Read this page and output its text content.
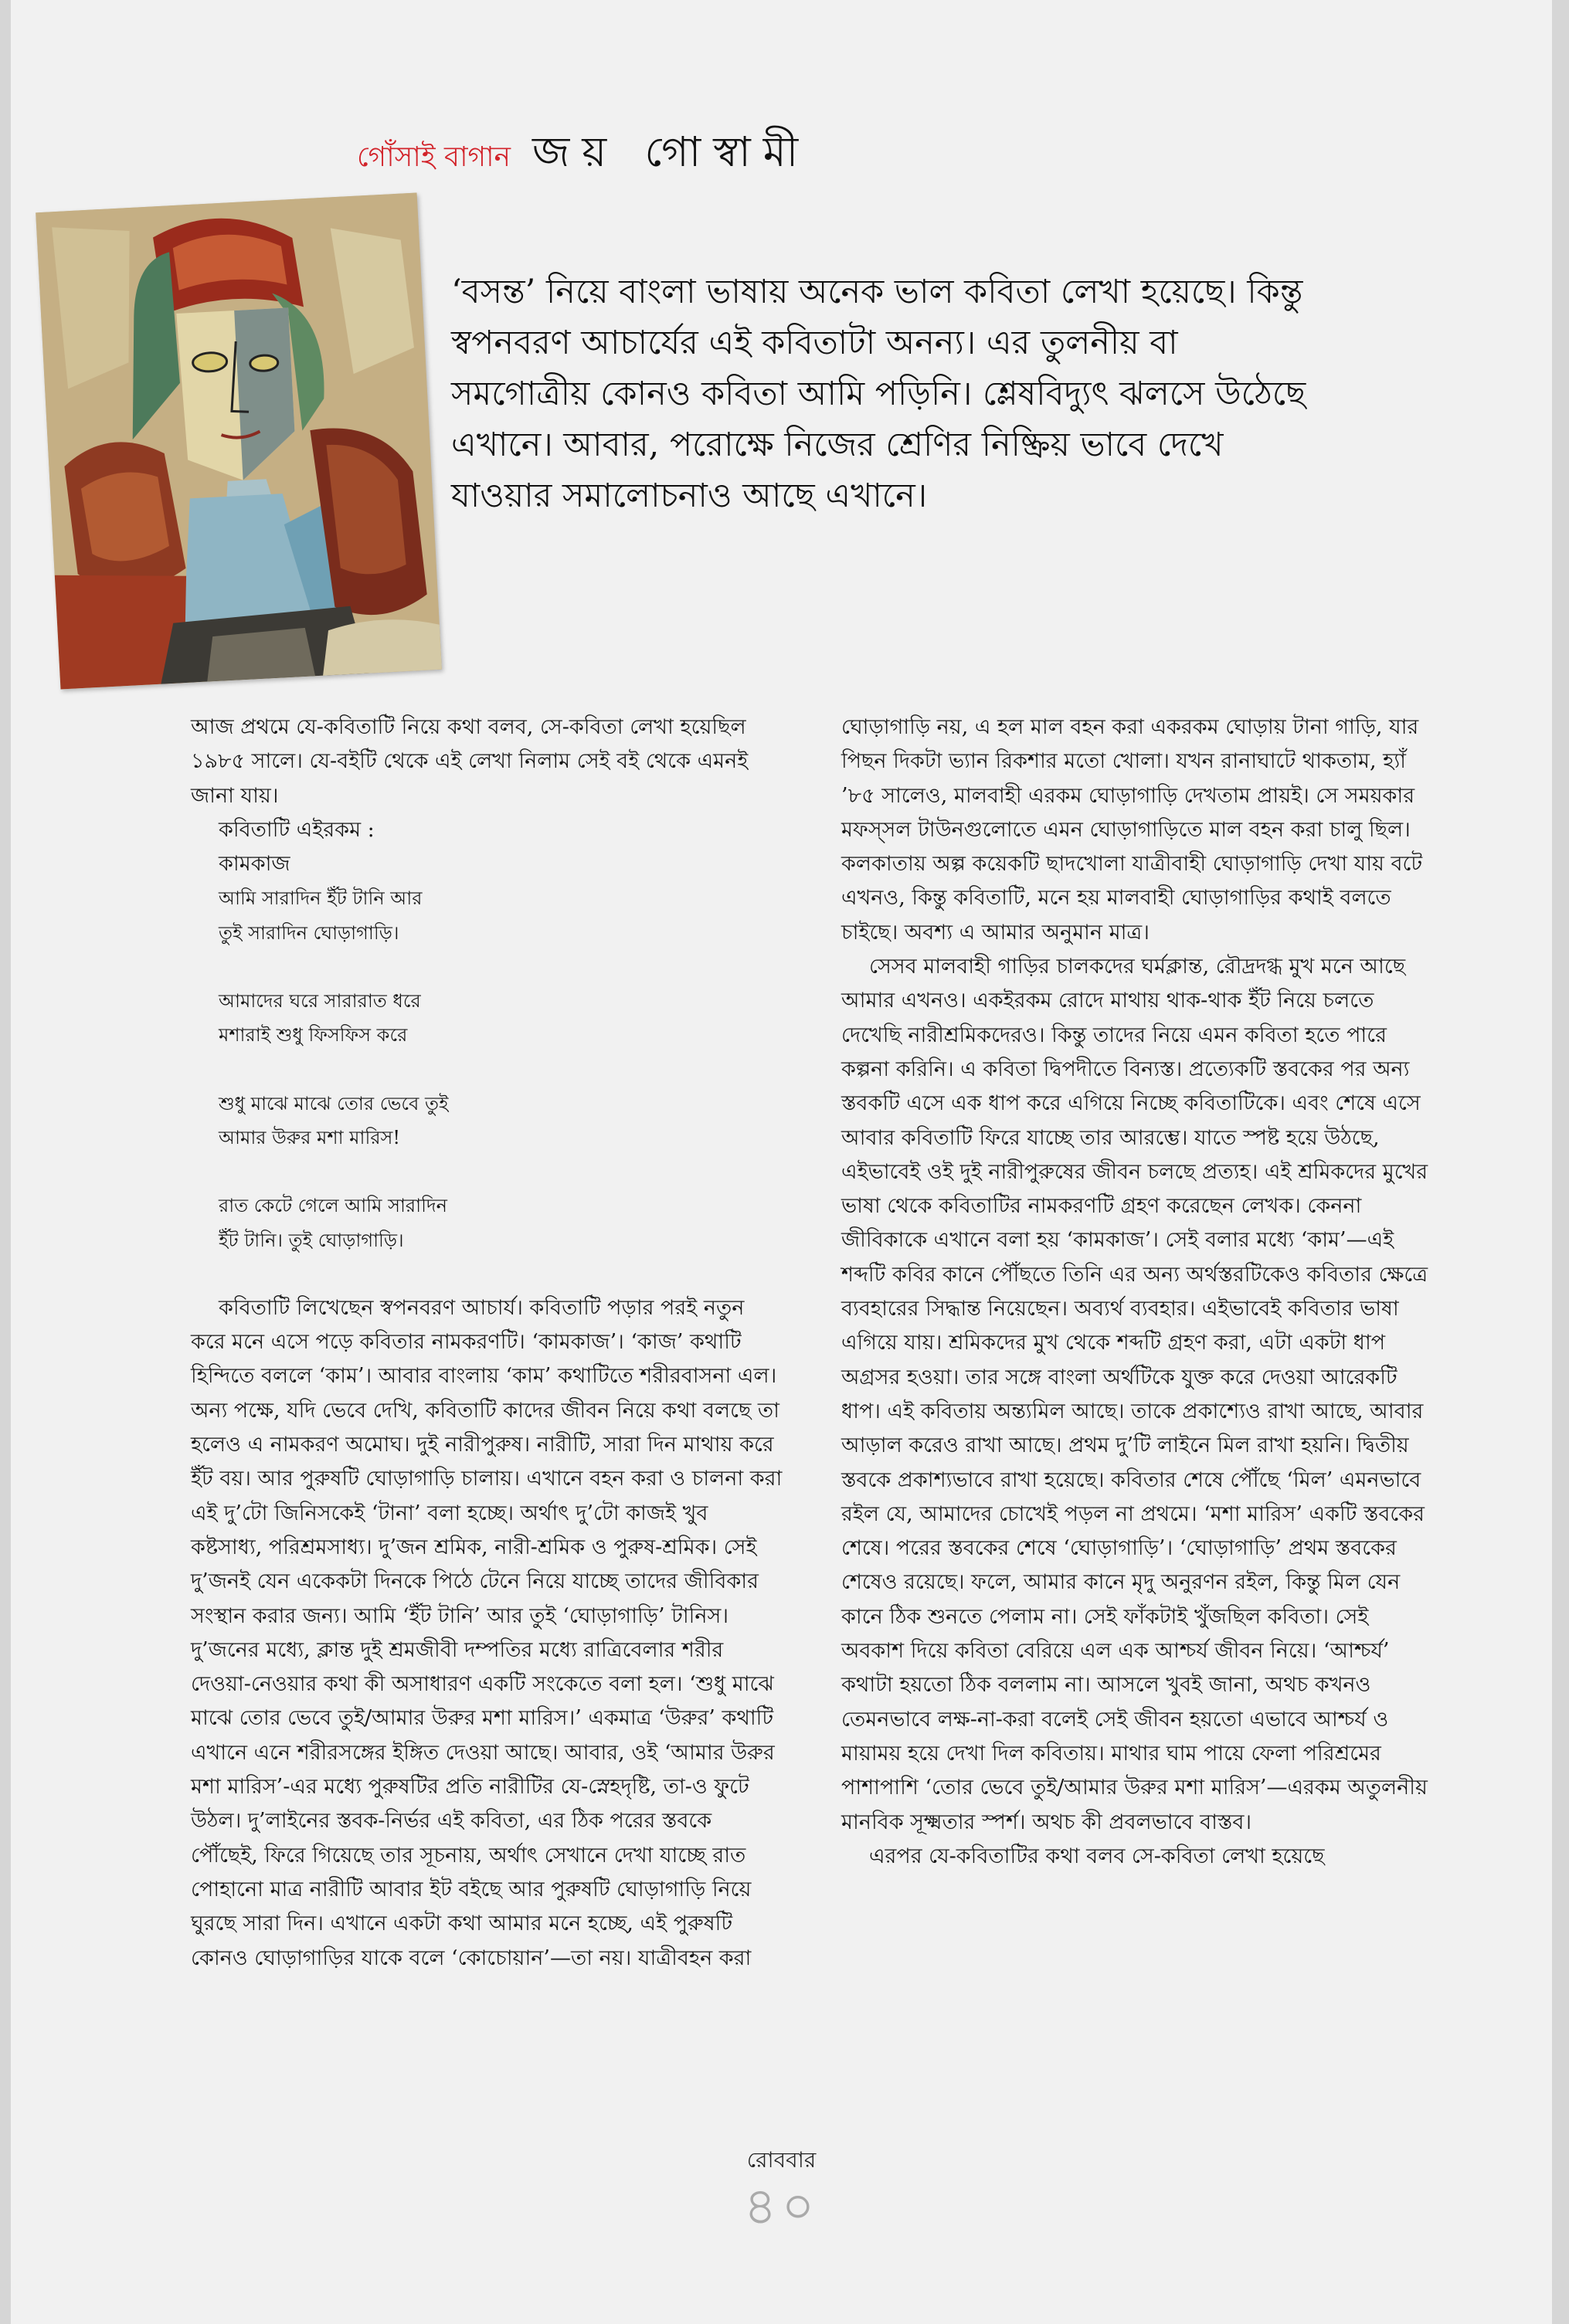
গোঁসাই বাগান জয় গোস্বামী

‘বসন্ত’ নিয়ে বাংলা ভাষায় অনেক ভাল কবিতা লেখা হয়েছে। কিন্তু স্বপনবরণ আচার্যের এই কবিতাটা অনন্য। এর তুলনীয় বা সমগোত্রীয় কোনও কবিতা আমি পড়িনি। শ্লেষবিদ্যুৎ ঝলসে উঠেছে এখানে। আবার, পরোক্ষে নিজের শ্রেণির নিষ্ক্রিয় ভাবে দেখে যাওয়ার সমালোচনাও আছে এখানে।

আজ প্রথমে যে-কবিতাটি নিয়ে কথা বলব, সে-কবিতা লেখা হয়েছিল ১৯৮৫ সালে। যে-বইটি থেকে এই লেখা নিলাম সেই বই থেকে এমনই জানা যায়।

কবিতাটি এইরকম :
কামকাজ
আমি সারাদিন ইঁট টানি আর
তুই সারাদিন ঘোড়াগাড়ি।
আমাদের ঘরে সারারাত ধরে
মশারাই শুধু ফিসফিস করে
শুধু মাঝে মাঝে তোর ভেবে তুই
আমার উরুর মশা মারিস!
রাত কেটে গেলে আমি সারাদিন
ইঁট টানি। তুই ঘোড়াগাড়ি।

কবিতাটি লিখেছেন স্বপনবরণ আচার্য। কবিতাটি পড়ার পরই নতুন করে মনে এসে পড়ে কবিতার নামকরণটি। ‘কামকাজ’। ‘কাজ’ কথাটি হিন্দিতে বললে ‘কাম’। আবার বাংলায় ‘কাম’ কথাটিতে শরীরবাসনা এল। অন্য পক্ষে, যদি ভেবে দেখি, কবিতাটি কাদের জীবন নিয়ে কথা বলছে তা হলেও এ নামকরণ অমোঘ। দুই নারীপুরুষ। নারীটি, সারা দিন মাথায় করে ইঁট বয়। আর পুরুষটি ঘোড়াগাড়ি চালায়। এখানে বহন করা ও চালনা করা এই দু’টো জিনিসকেই ‘টানা’ বলা হচ্ছে। অর্থাৎ দু’টো কাজই খুব কষ্টসাধ্য, পরিশ্রমসাধ্য। দু’জন শ্রমিক, নারী-শ্রমিক ও পুরুষ-শ্রমিক। সেই দু’জনই যেন একেকটা দিনকে পিঠে টেনে নিয়ে যাচ্ছে তাদের জীবিকার সংস্থান করার জন্য। আমি ‘ইঁট টানি’ আর তুই ‘ঘোড়াগাড়ি’ টানিস। দু’জনের মধ্যে, ক্লান্ত দুই শ্রমজীবী দম্পতির মধ্যে রাত্রিবেলার শরীর দেওয়া-নেওয়ার কথা কী অসাধারণ একটি সংকেতে বলা হল। ‘শুধু মাঝে মাঝে তোর ভেবে তুই/আমার উরুর মশা মারিস।’ একমাত্র ‘উরুর’ কথাটি এখানে এনে শরীরসঙ্গের ইঙ্গিত দেওয়া আছে। আবার, ওই ‘আমার উরুর মশা মারিস’-এর মধ্যে পুরুষটির প্রতি নারীটির যে-স্নেহদৃষ্টি, তা-ও ফুটে উঠল। দু’লাইনের স্তবক-নির্ভর এই কবিতা, এর ঠিক পরের স্তবকে পৌঁছেই, ফিরে গিয়েছে তার সূচনায়, অর্থাৎ সেখানে দেখা যাচ্ছে রাত পোহানো মাত্র নারীটি আবার ইট বইছে আর পুরুষটি ঘোড়াগাড়ি নিয়ে ঘুরছে সারা দিন। এখানে একটা কথা আমার মনে হচ্ছে, এই পুরুষটি কোনও ঘোড়াগাড়ির যাকে বলে ‘কোচোয়ান’—তা নয়। যাত্রীবহন করা

ঘোড়াগাড়ি নয়, এ হল মাল বহন করা একরকম ঘোড়ায় টানা গাড়ি, যার পিছন দিকটা ভ্যান রিকশার মতো খোলা। যখন রানাঘাটে থাকতাম, হ্যাঁ ’৮৫ সালেও, মালবাহী এরকম ঘোড়াগাড়ি দেখতাম প্রায়ই। সে সময়কার মফস্‌সল টাউনগুলোতে এমন ঘোড়াগাড়িতে মাল বহন করা চালু ছিল। কলকাতায় অল্প কয়েকটি ছাদখোলা যাত্রীবাহী ঘোড়াগাড়ি দেখা যায় বটে এখনও, কিন্তু কবিতাটি, মনে হয় মালবাহী ঘোড়াগাড়ির কথাই বলতে চাইছে। অবশ্য এ আমার অনুমান মাত্র।

সেসব মালবাহী গাড়ির চালকদের ঘর্মক্লান্ত, রৌদ্রদগ্ধ মুখ মনে আছে আমার এখনও। একইরকম রোদে মাথায় থাক-থাক ইঁট নিয়ে চলতে দেখেছি নারীশ্রমিকদেরও। কিন্তু তাদের নিয়ে এমন কবিতা হতে পারে কল্পনা করিনি। এ কবিতা দ্বিপদীতে বিন্যস্ত। প্রত্যেকটি স্তবকের পর অন্য স্তবকটি এসে এক ধাপ করে এগিয়ে নিচ্ছে কবিতাটিকে। এবং শেষে এসে আবার কবিতাটি ফিরে যাচ্ছে তার আরম্ভে। যাতে স্পষ্ট হয়ে উঠছে, এইভাবেই ওই দুই নারীপুরুষের জীবন চলছে প্রত্যহ। এই শ্রমিকদের মুখের ভাষা থেকে কবিতাটির নামকরণটি গ্রহণ করেছেন লেখক। কেননা জীবিকাকে এখানে বলা হয় ‘কামকাজ’। সেই বলার মধ্যে ‘কাম’—এই শব্দটি কবির কানে পৌঁছতে তিনি এর অন্য অর্থস্তরটিকেও কবিতার ক্ষেত্রে ব্যবহারের সিদ্ধান্ত নিয়েছেন। অব্যর্থ ব্যবহার। এইভাবেই কবিতার ভাষা এগিয়ে যায়। শ্রমিকদের মুখ থেকে শব্দটি গ্রহণ করা, এটা একটা ধাপ অগ্রসর হওয়া। তার সঙ্গে বাংলা অর্থটিকে যুক্ত করে দেওয়া আরেকটি ধাপ। এই কবিতায় অন্ত্যমিল আছে। তাকে প্রকাশ্যেও রাখা আছে, আবার আড়াল করেও রাখা আছে। প্রথম দু’টি লাইনে মিল রাখা হয়নি। দ্বিতীয় স্তবকে প্রকাশ্যভাবে রাখা হয়েছে। কবিতার শেষে পৌঁছে ‘মিল’ এমনভাবে রইল যে, আমাদের চোখেই পড়ল না প্রথমে। ‘মশা মারিস’ একটি স্তবকের শেষে। পরের স্তবকের শেষে ‘ঘোড়াগাড়ি’। ‘ঘোড়াগাড়ি’ প্রথম স্তবকের শেষেও রয়েছে। ফলে, আমার কানে মৃদু অনুরণন রইল, কিন্তু মিল যেন কানে ঠিক শুনতে পেলাম না। সেই ফাঁকটাই খুঁজছিল কবিতা। সেই অবকাশ দিয়ে কবিতা বেরিয়ে এল এক আশ্চর্য জীবন নিয়ে। ‘আশ্চর্য’ কথাটা হয়তো ঠিক বললাম না। আসলে খুবই জানা, অথচ কখনও তেমনভাবে লক্ষ-না-করা বলেই সেই জীবন হয়তো এভাবে আশ্চর্য ও মায়াময় হয়ে দেখা দিল কবিতায়। মাথার ঘাম পায়ে ফেলা পরিশ্রমের পাশাপাশি ‘তোর ভেবে তুই/আমার উরুর মশা মারিস’—এরকম অতুলনীয় মানবিক সূক্ষ্মতার স্পর্শ। অথচ কী প্রবলভাবে বাস্তব।

এরপর যে-কবিতাটির কথা বলব সে-কবিতা লেখা হয়েছে

রোববার
৪০
